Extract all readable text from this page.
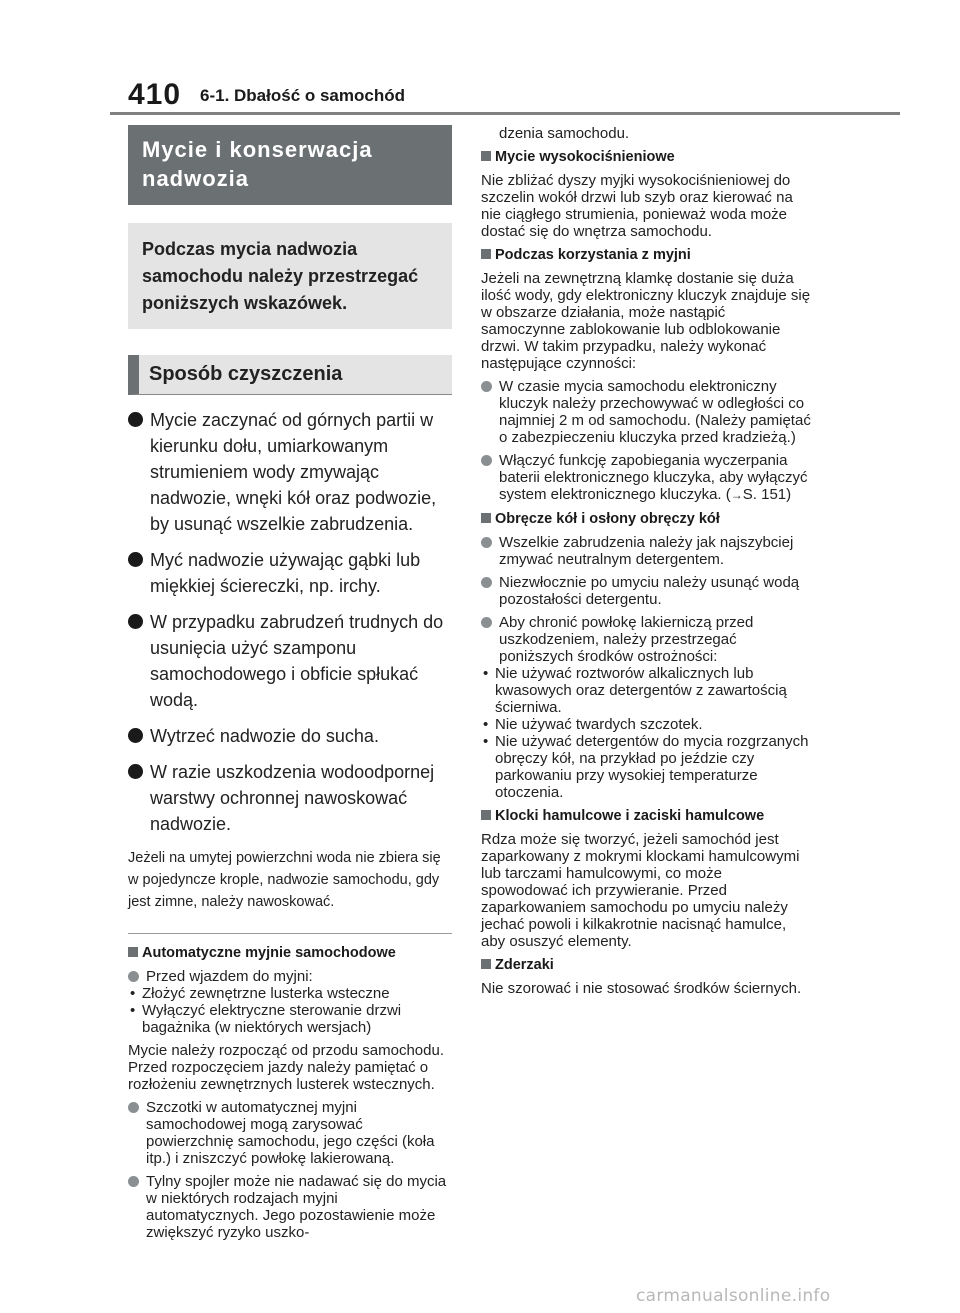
410 6-1. Dbałość o samochód
Mycie i konserwacja nadwozia
Podczas mycia nadwozia samochodu należy przestrzegać poniższych wskazówek.
Sposób czyszczenia
Mycie zaczynać od górnych partii w kierunku dołu, umiarkowanym strumieniem wody zmywając nadwozie, wnęki kół oraz podwozie, by usunąć wszelkie zabrudzenia.
Myć nadwozie używając gąbki lub miękkiej ściereczki, np. irchy.
W przypadku zabrudzeń trudnych do usunięcia użyć szamponu samochodowego i obficie spłukać wodą.
Wytrzeć nadwozie do sucha.
W razie uszkodzenia wodoodpornej warstwy ochronnej nawoskować nadwozie.
Jeżeli na umytej powierzchni woda nie zbiera się w pojedyncze krople, nadwozie samochodu, gdy jest zimne, należy nawoskować.
Automatyczne myjnie samochodowe
Przed wjazdem do myjni:
• Złożyć zewnętrzne lusterka wsteczne
• Wyłączyć elektryczne sterowanie drzwi bagażnika (w niektórych wersjach)
Mycie należy rozpocząć od przodu samochodu. Przed rozpoczęciem jazdy należy pamiętać o rozłożeniu zewnętrznych lusterek wstecznych.
Szczotki w automatycznej myjni samochodowej mogą zarysować powierzchnię samochodu, jego części (koła itp.) i zniszczyć powłokę lakierowaną.
Tylny spojler może nie nadawać się do mycia w niektórych rodzajach myjni automatycznych. Jego pozostawienie może zwiększyć ryzyko uszko-
dzenia samochodu.
Mycie wysokociśnieniowe
Nie zbliżać dyszy myjki wysokociśnieniowej do szczelin wokół drzwi lub szyb oraz kierować na nie ciągłego strumienia, ponieważ woda może dostać się do wnętrza samochodu.
Podczas korzystania z myjni
Jeżeli na zewnętrzną klamkę dostanie się duża ilość wody, gdy elektroniczny kluczyk znajduje się w obszarze działania, może nastąpić samoczynne zablokowanie lub odblokowanie drzwi. W takim przypadku, należy wykonać następujące czynności:
W czasie mycia samochodu elektroniczny kluczyk należy przechowywać w odległości co najmniej 2 m od samochodu. (Należy pamiętać o zabezpieczeniu kluczyka przed kradzieżą.)
Włączyć funkcję zapobiegania wyczerpania baterii elektronicznego kluczyka, aby wyłączyć system elektronicznego kluczyka. (→S. 151)
Obręcze kół i osłony obręczy kół
Wszelkie zabrudzenia należy jak najszybciej zmywać neutralnym detergentem.
Niezwłocznie po umyciu należy usunąć wodą pozostałości detergentu.
Aby chronić powłokę lakierniczą przed uszkodzeniem, należy przestrzegać poniższych środków ostrożności:
• Nie używać roztworów alkalicznych lub kwasowych oraz detergentów z zawartością ścierniwa.
• Nie używać twardych szczotek.
• Nie używać detergentów do mycia rozgrzanych obręczy kół, na przykład po jeździe czy parkowaniu przy wysokiej temperaturze otoczenia.
Klocki hamulcowe i zaciski hamulcowe
Rdza może się tworzyć, jeżeli samochód jest zaparkowany z mokrymi klockami hamulcowymi lub tarczami hamulcowymi, co może spowodować ich przywieranie. Przed zaparkowaniem samochodu po umyciu należy jechać powoli i kilkakrotnie nacisnąć hamulce, aby osuszyć elementy.
Zderzaki
Nie szorować i nie stosować środków ściernych.
carmanualsonline.info
